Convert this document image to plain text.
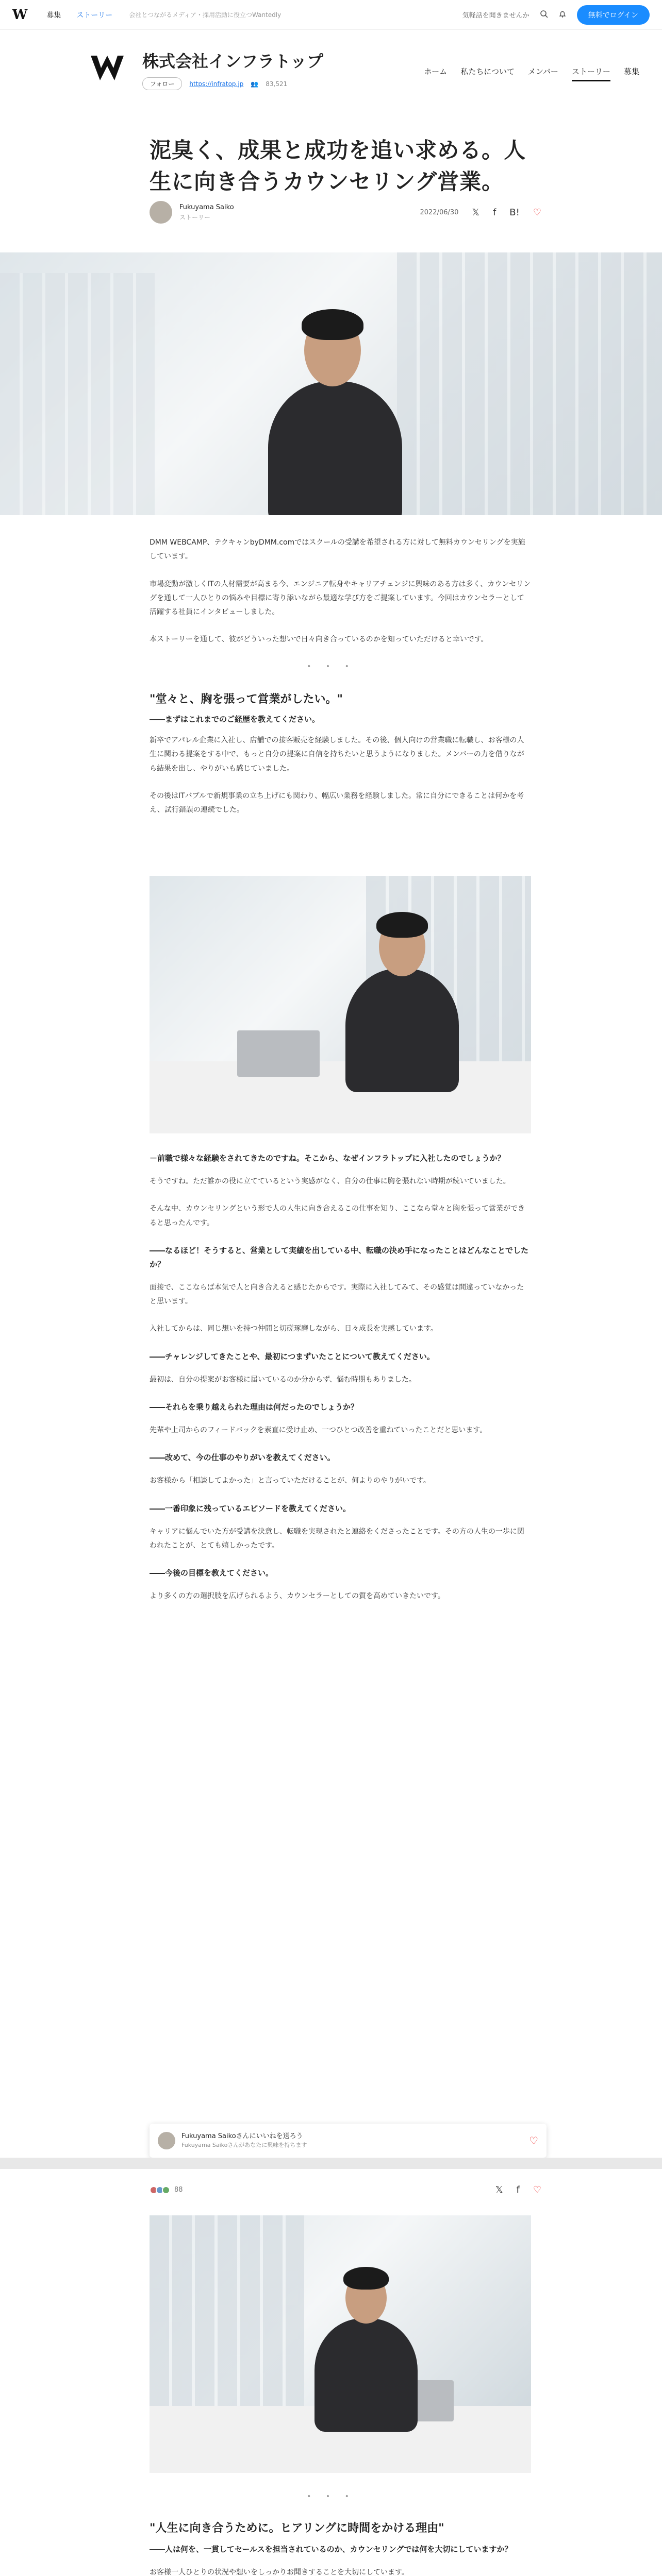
W	募集 ストーリー	会社とつながるメディア・採用活動に役立つWantedly	気軽話を聞きませんか	無料でログイン
株式会社インフラトップ
フォロー	https://infratop.jp 👥 83,521
ホーム 私たちについて メンバー ストーリー 募集
泥臭く、成果と成功を追い求める。人生に向き合うカウンセリング営業。
Fukuyama Saiko
ストーリー
2022/06/30 𝕏 f B! ♡

DMM WEBCAMP、テクキャンbyDMM.comではスクールの受講を希望される方に対して無料カウンセリングを実施しています。

市場変動が激しくITの人材需要が高まる今、エンジニア転身やキャリアチェンジに興味のある方は多く、カウンセリングを通して一人ひとりの悩みや目標に寄り添いながら最適な学び方をご提案しています。今回はカウンセラーとして活躍する社員にインタビューしました。

本ストーリーを通して、彼がどういった想いで日々向き合っているのかを知っていただけると幸いです。

• • •
"堂々と、胸を張って営業がしたい。"
――まずはこれまでのご経歴を教えてください。

新卒でアパレル企業に入社し、店舗での接客販売を経験しました。その後、個人向けの営業職に転職し、お客様の人生に関わる提案をする中で、もっと自分の提案に自信を持ちたいと思うようになりました。メンバーの力を借りながら結果を出し、やりがいも感じていました。

その後はITバブルで新規事業の立ち上げにも関わり、幅広い業務を経験しました。常に自分にできることは何かを考え、試行錯誤の連続でした。

－前職で様々な経験をされてきたのですね。そこから、なぜインフラトップに入社したのでしょうか？

そうですね。ただ誰かの役に立てているという実感がなく、自分の仕事に胸を張れない時期が続いていました。

そんな中、カウンセリングという形で人の人生に向き合えるこの仕事を知り、ここなら堂々と胸を張って営業ができると思ったんです。

――なるほど！そうすると、営業として実績を出している中、転職の決め手になったことはどんなことでしたか？

面接で、ここならば本気で人と向き合えると感じたからです。実際に入社してみて、その感覚は間違っていなかったと思います。

入社してからは、同じ想いを持つ仲間と切磋琢磨しながら、日々成長を実感しています。

――チャレンジしてきたことや、最初につまずいたことについて教えてください。

最初は、自分の提案がお客様に届いているのか分からず、悩む時期もありました。

――それらを乗り越えられた理由は何だったのでしょうか？

先輩や上司からのフィードバックを素直に受け止め、一つひとつ改善を重ねていったことだと思います。

――改めて、今の仕事のやりがいを教えてください。

お客様から「相談してよかった」と言っていただけることが、何よりのやりがいです。

――一番印象に残っているエピソードを教えてください。

キャリアに悩んでいた方が受講を決意し、転職を実現されたと連絡をくださったことです。その方の人生の一歩に関われたことが、とても嬉しかったです。

――今後の目標を教えてください。

より多くの方の選択肢を広げられるよう、カウンセラーとしての質を高めていきたいです。

Fukuyama Saikoさんにいいねを送ろう
Fukuyama Saikoさんがあなたに興味を持ちます	♡
88	𝕏 f ♡
• • •
"人生に向き合うために。ヒアリングに時間をかける理由"

――人は何を、一貫してセールスを担当されているのか、カウンセリングでは何を大切にしていますか？

お客様一人ひとりの状況や想いをしっかりお聞きすることを大切にしています。
